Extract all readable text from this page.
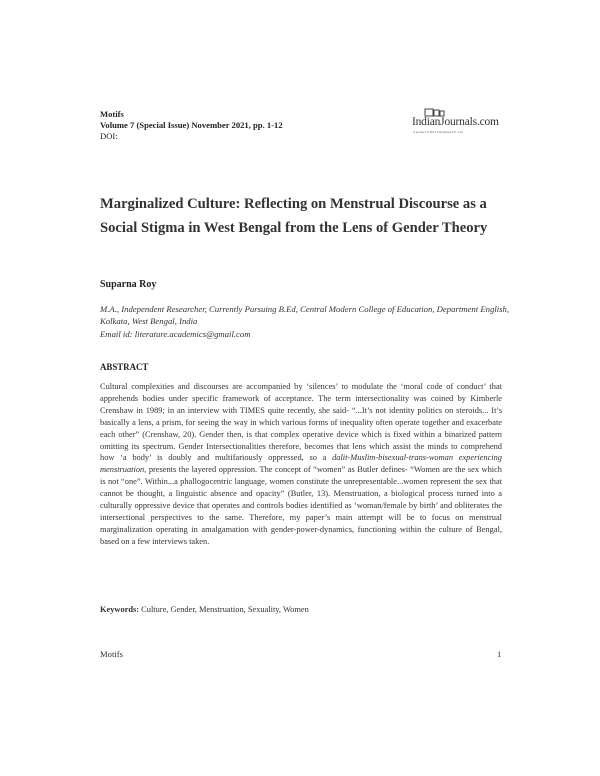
Motifs
Volume 7 (Special Issue) November 2021, pp. 1-12
DOI:
IndianJournals.com
A product of Diva Enterprises Pvt. Ltd.
Marginalized Culture: Reflecting on Menstrual Discourse as a Social Stigma in West Bengal from the Lens of Gender Theory
Suparna Roy
M.A., Independent Researcher, Currently Pursuing B.Ed, Central Modern College of Education, Department English, Kolkata, West Bengal, India
Email id: literature.academics@gmail.com
ABSTRACT

Cultural complexities and discourses are accompanied by ‘silences’ to modulate the ‘moral code of conduct’ that apprehends bodies under specific framework of acceptance. The term intersectionality was coined by Kimberle Crenshaw in 1989; in an interview with TIMES quite recently, she said- “...It’s not identity politics on steroids... It’s basically a lens, a prism, for seeing the way in which various forms of inequality often operate together and exacerbate each other” (Crenshaw, 20). Gender then, is that complex operative device which is fixed within a binarized pattern omitting its spectrum. Gender Intersectionalities therefore, becomes that lens which assist the minds to comprehend how ‘a body’ is doubly and multifariously oppressed, so a dalit-Muslim-bisexual-trans-woman experiencing menstruation, presents the layered oppression. The concept of “women” as Butler defines- “Women are the sex which is not “one”. Within...a phallogocentric language, women constitute the unrepresentable...women represent the sex that cannot be thought, a linguistic absence and opacity” (Butler, 13). Menstruation, a biological process turned into a culturally oppressive device that operates and controls bodies identified as ‘woman/female by birth’ and obliterates the intersectional perspectives to the same. Therefore, my paper’s main attempt will be to focus on menstrual marginalization operating in amalgamation with gender-power-dynamics, functioning within the culture of Bengal, based on a few interviews taken.

Keywords: Culture, Gender, Menstruation, Sexuality, Women
Motifs	1
